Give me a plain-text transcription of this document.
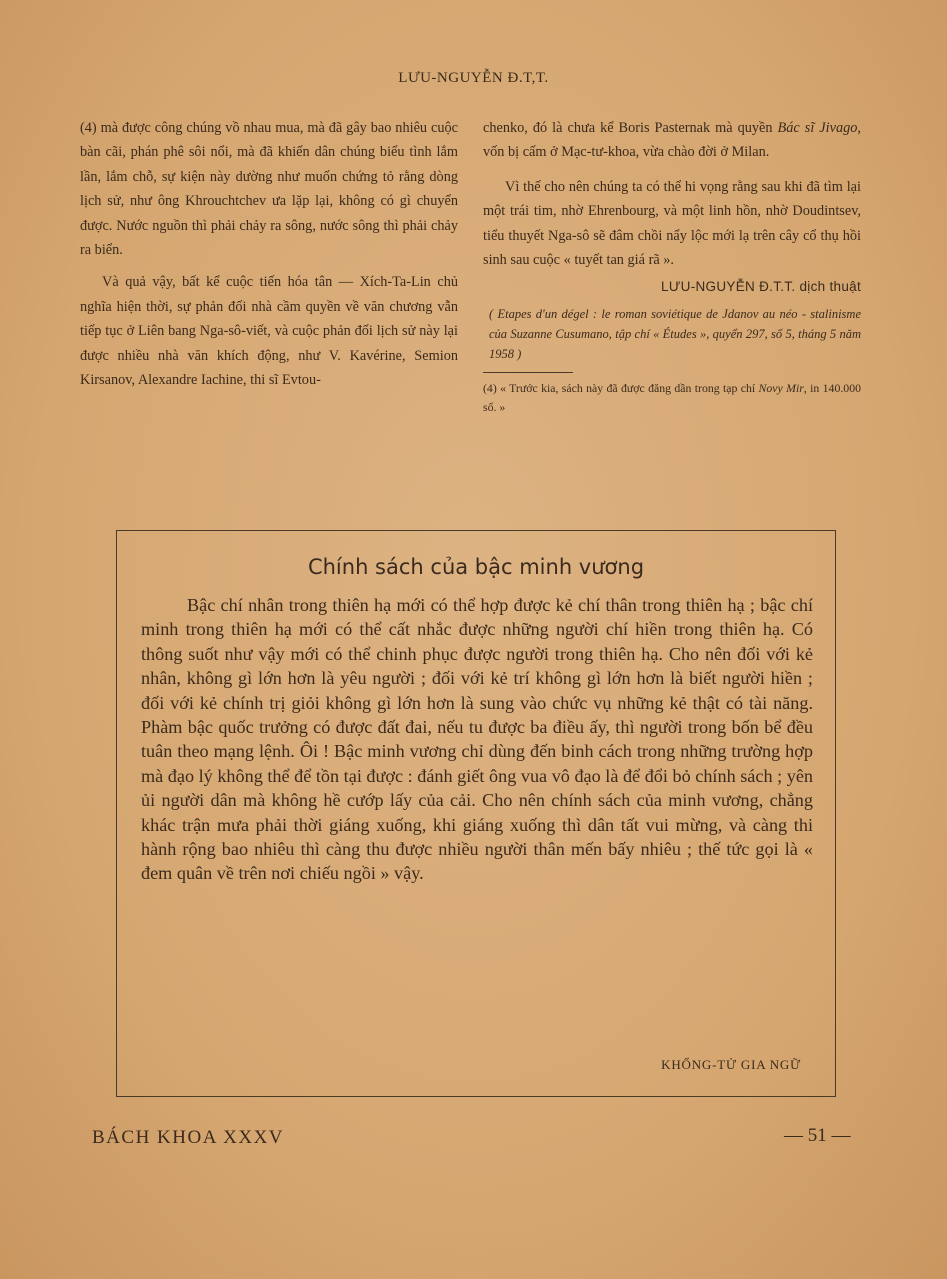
LƯU-NGUYỄN Đ.T,T.

(4) mà được công chúng vồ nhau mua, mà đã gây bao nhiêu cuộc bàn cãi, phán phê sôi nổi, mà đã khiến dân chúng biểu tình lắm lần, lắm chỗ, sự kiện này dường như muốn chứng tỏ rằng dòng lịch sử, như ông Khrouchtchev ưa lặp lại, không có gì chuyển được. Nước nguồn thì phải chảy ra sông, nước sông thì phải chảy ra biển.

Và quả vậy, bất kể cuộc tiến hóa tân — Xích-Ta-Lin chủ nghĩa hiện thời, sự phản đối nhà cầm quyền về văn chương vẫn tiếp tục ở Liên bang Nga-sô-viết, và cuộc phản đối lịch sử này lại được nhiều nhà văn khích động, như V. Kavérine, Semion Kirsanov, Alexandre Iachine, thi sĩ Evtou-

chenko, đó là chưa kể Boris Pasternak mà quyền Bác sĩ Jivago, vốn bị cấm ở Mạc-tư-khoa, vừa chào đời ở Milan.

Vì thế cho nên chúng ta có thể hi vọng rằng sau khi đã tìm lại một trái tim, nhờ Ehrenbourg, và một linh hồn, nhờ Doudintsev, tiểu thuyết Nga-sô sẽ đâm chồi nẩy lộc mới lạ trên cây cổ thụ hồi sinh sau cuộc « tuyết tan giá rã ».

LƯU-NGUYỄN Đ.T.T. dịch thuật
( Etapes d'un dégel : le roman soviétique de Jdanov au néo - stalinisme của Suzanne Cusumano, tập chí « Études », quyển 297, số 5, tháng 5 năm 1958 )
(4) « Trước kia, sách này đã được đăng dần trong tạp chí Novy Mir, in 140.000 số. »
Chính sách của bậc minh vương
Bậc chí nhân trong thiên hạ mới có thể hợp được kẻ chí thân trong thiên hạ ; bậc chí minh trong thiên hạ mới có thể cất nhắc được những người chí hiền trong thiên hạ. Có thông suốt như vậy mới có thể chinh phục được người trong thiên hạ. Cho nên đối với kẻ nhân, không gì lớn hơn là yêu người ; đối với kẻ trí không gì lớn hơn là biết người hiền ; đối với kẻ chính trị giỏi không gì lớn hơn là sung vào chức vụ những kẻ thật có tài năng. Phàm bậc quốc trưởng có được đất đai, nếu tu được ba điều ấy, thì người trong bốn bể đều tuân theo mạng lệnh. Ôi ! Bậc minh vương chỉ dùng đến binh cách trong những trường hợp mà đạo lý không thể để tồn tại được : đánh giết ông vua vô đạo là để đổi bỏ chính sách ; yên ủi người dân mà không hề cướp lấy của cải. Cho nên chính sách của minh vương, chẳng khác trận mưa phải thời giáng xuống, khi giáng xuống thì dân tất vui mừng, và càng thi hành rộng bao nhiêu thì càng thu được nhiều người thân mến bấy nhiêu ; thế tức gọi là « đem quân về trên nơi chiếu ngồi » vậy.
KHỔNG-TỬ GIA NGỮ
BÁCH KHOA XXXV	— 51 —
